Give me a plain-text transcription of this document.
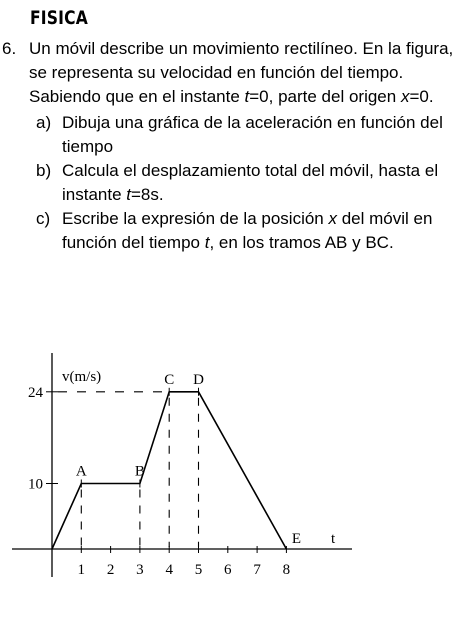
FISICA
6. Un móvil describe un movimiento rectilíneo. En la figura, se representa su velocidad en función del tiempo. Sabiendo que en el instante t=0, parte del origen x=0.
a) Dibuja una gráfica de la aceleración en función del tiempo
b) Calcula el desplazamiento total del móvil, hasta el instante t=8s.
c) Escribe la expresión de la posición x del móvil en función del tiempo t, en los tramos AB y BC.
v(m/s)
t
1 2 3 4 5 6 7 8
10
24
A	B
C D
E
